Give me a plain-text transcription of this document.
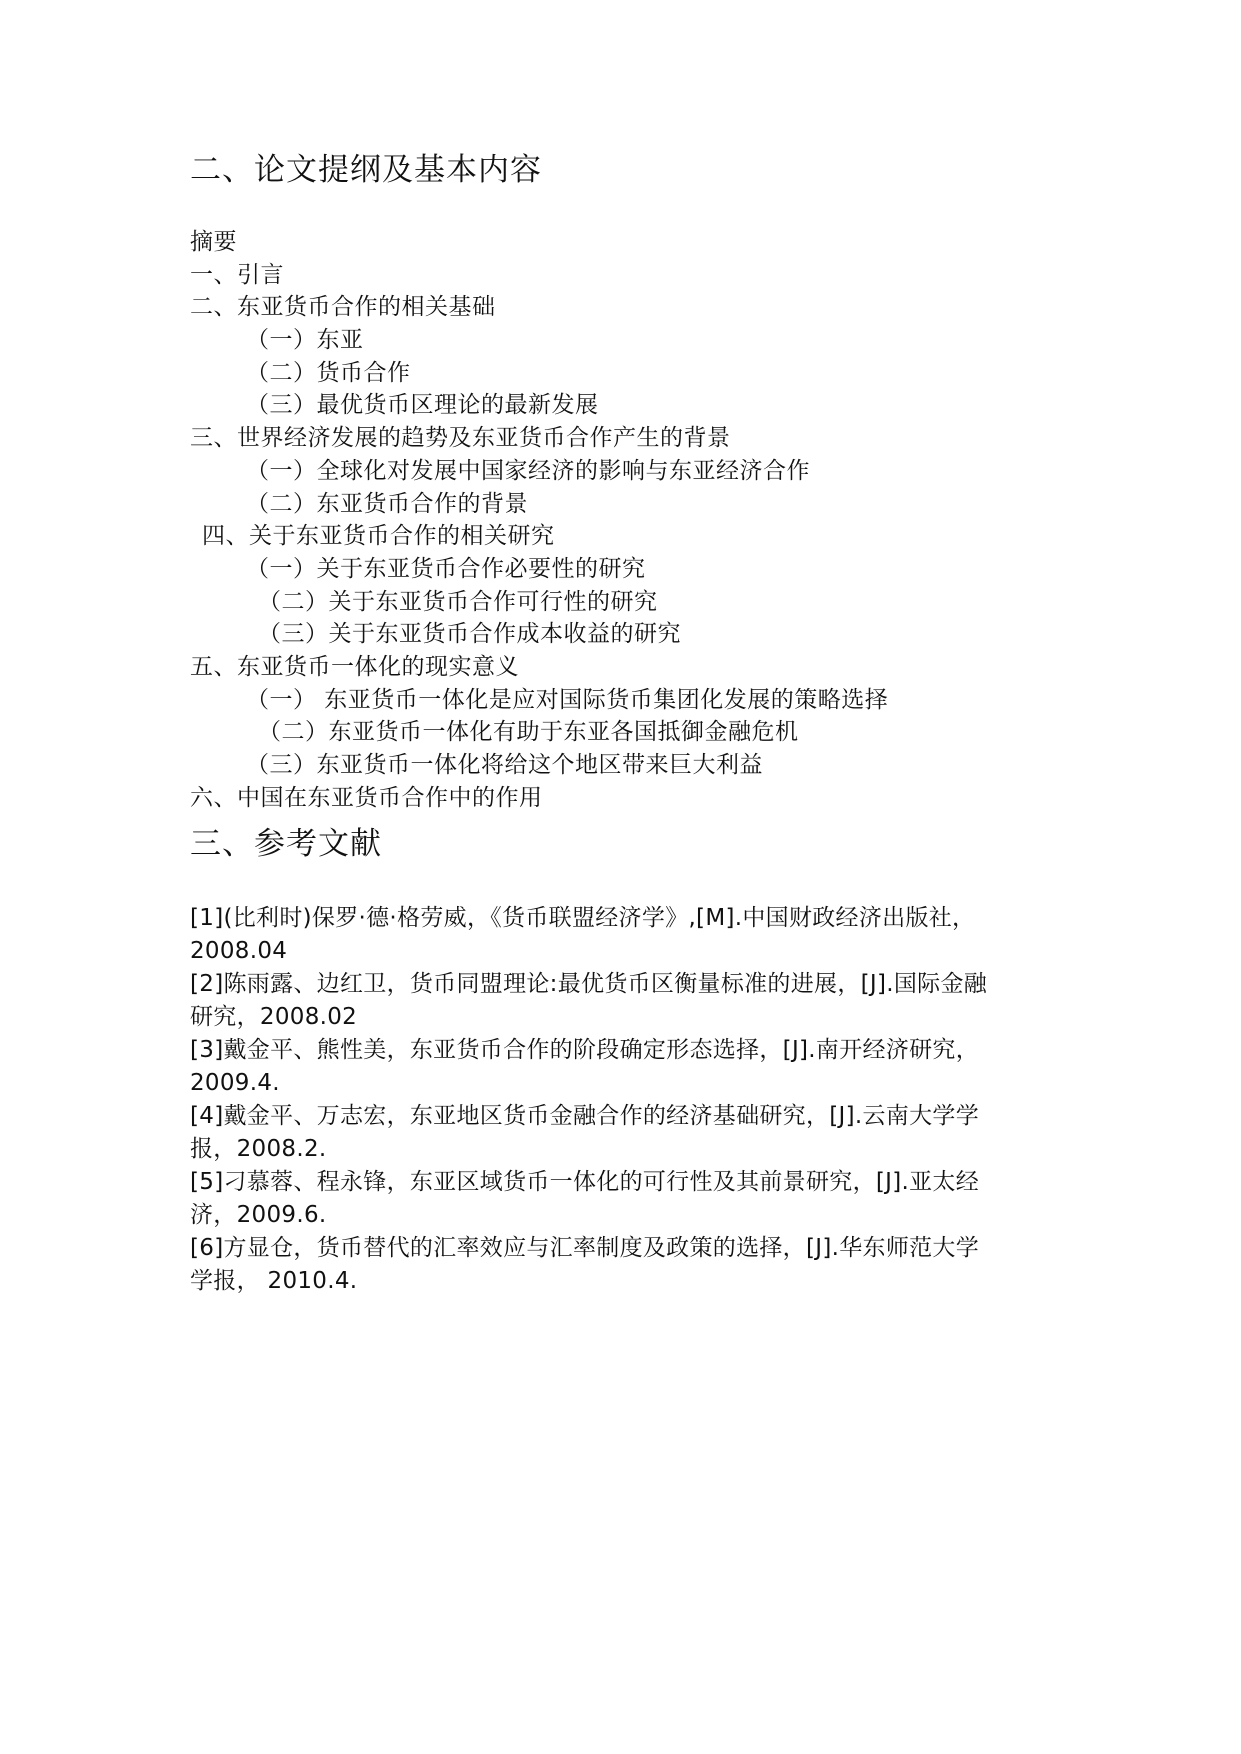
二、论文提纲及基本内容
摘要
一、引言
二、东亚货币合作的相关基础
（一）东亚
（二）货币合作
（三）最优货币区理论的最新发展
三、世界经济发展的趋势及东亚货币合作产生的背景
（一）全球化对发展中国家经济的影响与东亚经济合作
（二）东亚货币合作的背景
四、关于东亚货币合作的相关研究
（一）关于东亚货币合作必要性的研究
（二）关于东亚货币合作可行性的研究
（三）关于东亚货币合作成本收益的研究
五、东亚货币一体化的现实意义
（一） 东亚货币一体化是应对国际货币集团化发展的策略选择
（二）东亚货币一体化有助于东亚各国抵御金融危机
（三）东亚货币一体化将给这个地区带来巨大利益
六、中国在东亚货币合作中的作用
三、参考文献
[1](比利时)保罗·德·格劳威，《货币联盟经济学》,[M].中国财政经济出版社，
2008.04
[2]陈雨露、边红卫，货币同盟理论:最优货币区衡量标准的进展，[J].国际金融
研究，2008.02
[3]戴金平、熊性美，东亚货币合作的阶段确定形态选择，[J].南开经济研究，
2009.4.
[4]戴金平、万志宏，东亚地区货币金融合作的经济基础研究，[J].云南大学学
报，2008.2.
[5]刁慕蓉、程永锋，东亚区域货币一体化的可行性及其前景研究，[J].亚太经
济，2009.6.
[6]方显仓，货币替代的汇率效应与汇率制度及政策的选择，[J].华东师范大学
学报， 2010.4.
